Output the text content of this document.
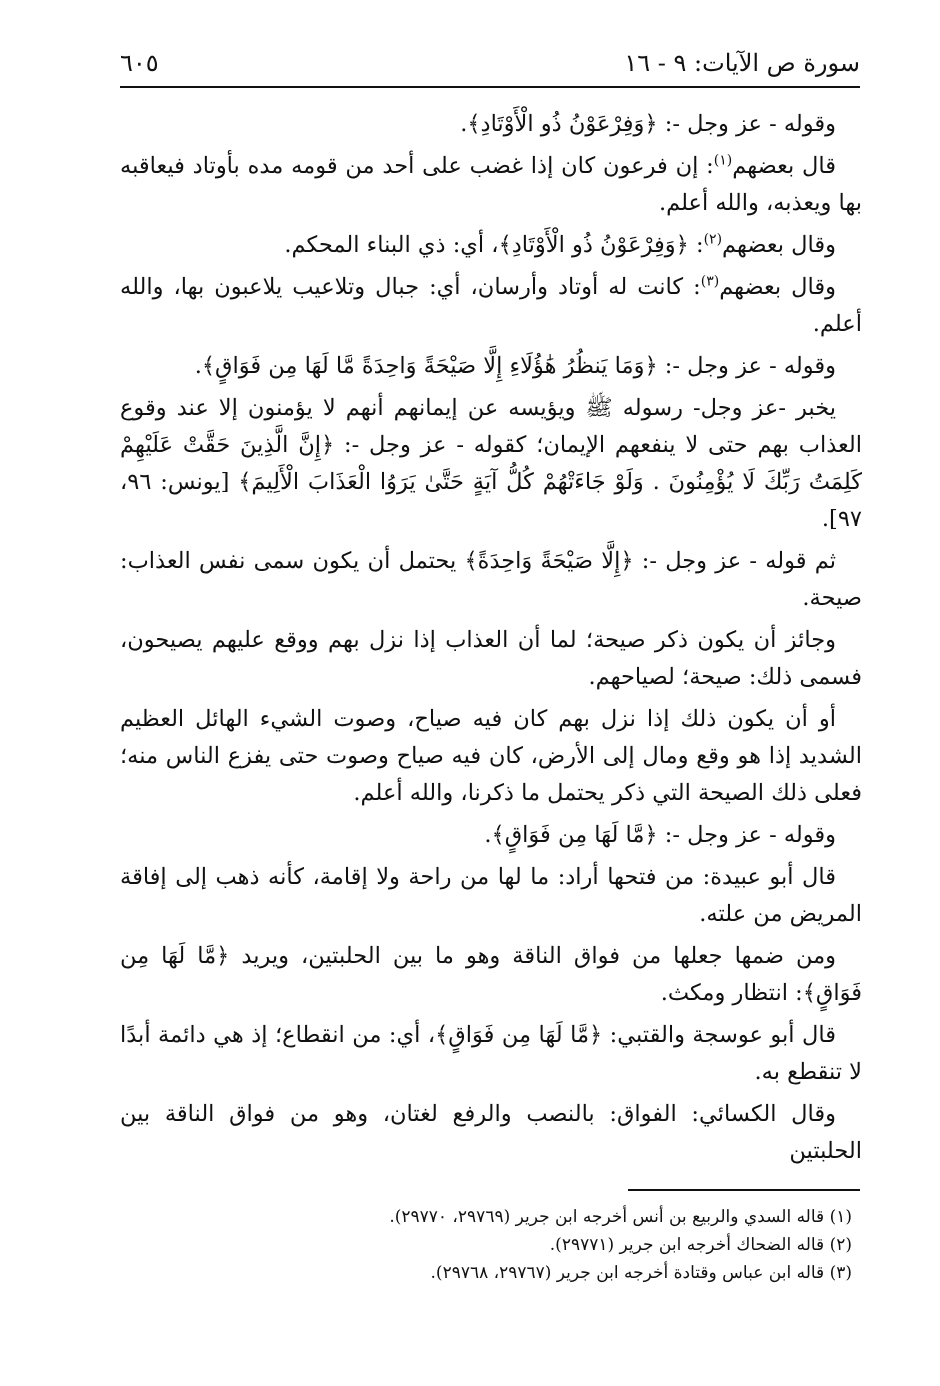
سورة ص الآيات: ٩ - ١٦
٦٠٥

وقوله - عز وجل -: ﴿وَفِرْعَوْنُ ذُو الْأَوْتَادِ﴾.

قال بعضهم$^{(١)}$: إن فرعون كان إذا غضب على أحد من قومه مده بأوتاد فيعاقبه بها ويعذبه، والله أعلم.

وقال بعضهم$^{(٢)}$: ﴿وَفِرْعَوْنُ ذُو الْأَوْتَادِ﴾، أي: ذي البناء المحكم.

وقال بعضهم$^{(٣)}$: كانت له أوتاد وأرسان، أي: جبال وتلاعيب يلاعبون بها، والله أعلم.

وقوله - عز وجل -: ﴿وَمَا يَنظُرُ هَٰؤُلَاءِ إِلَّا صَيْحَةً وَاحِدَةً مَّا لَهَا مِن فَوَاقٍ﴾.

يخبر -عز وجل- رسوله ﷺ ويؤيسه عن إيمانهم أنهم لا يؤمنون إلا عند وقوع العذاب بهم حتى لا ينفعهم الإيمان؛ كقوله - عز وجل -: ﴿إِنَّ الَّذِينَ حَقَّتْ عَلَيْهِمْ كَلِمَتُ رَبِّكَ لَا يُؤْمِنُونَ . وَلَوْ جَاءَتْهُمْ كُلُّ آيَةٍ حَتَّىٰ يَرَوُا الْعَذَابَ الْأَلِيمَ﴾ [يونس: ٩٦، ٩٧].

ثم قوله - عز وجل -: ﴿إِلَّا صَيْحَةً وَاحِدَةً﴾ يحتمل أن يكون سمى نفس العذاب: صيحة.

وجائز أن يكون ذكر صيحة؛ لما أن العذاب إذا نزل بهم ووقع عليهم يصيحون، فسمى ذلك: صيحة؛ لصياحهم.

أو أن يكون ذلك إذا نزل بهم كان فيه صياح، وصوت الشيء الهائل العظيم الشديد إذا هو وقع ومال إلى الأرض، كان فيه صياح وصوت حتى يفزع الناس منه؛ فعلى ذلك الصيحة التي ذكر يحتمل ما ذكرنا، والله أعلم.

وقوله - عز وجل -: ﴿مَّا لَهَا مِن فَوَاقٍ﴾.

قال أبو عبيدة: من فتحها أراد: ما لها من راحة ولا إقامة، كأنه ذهب إلى إفاقة المريض من علته.

ومن ضمها جعلها من فواق الناقة وهو ما بين الحلبتين، ويريد ﴿مَّا لَهَا مِن فَوَاقٍ﴾: انتظار ومكث.

قال أبو عوسجة والقتبي: ﴿مَّا لَهَا مِن فَوَاقٍ﴾، أي: من انقطاع؛ إذ هي دائمة أبدًا لا تنقطع به.

وقال الكسائي: الفواق: بالنصب والرفع لغتان، وهو من فواق الناقة بين الحلبتين

(١) قاله السدي والربيع بن أنس أخرجه ابن جرير (٢٩٧٦٩، ٢٩٧٧٠).
(٢) قاله الضحاك أخرجه ابن جرير (٢٩٧٧١).
(٣) قاله ابن عباس وقتادة أخرجه ابن جرير (٢٩٧٦٧، ٢٩٧٦٨).
